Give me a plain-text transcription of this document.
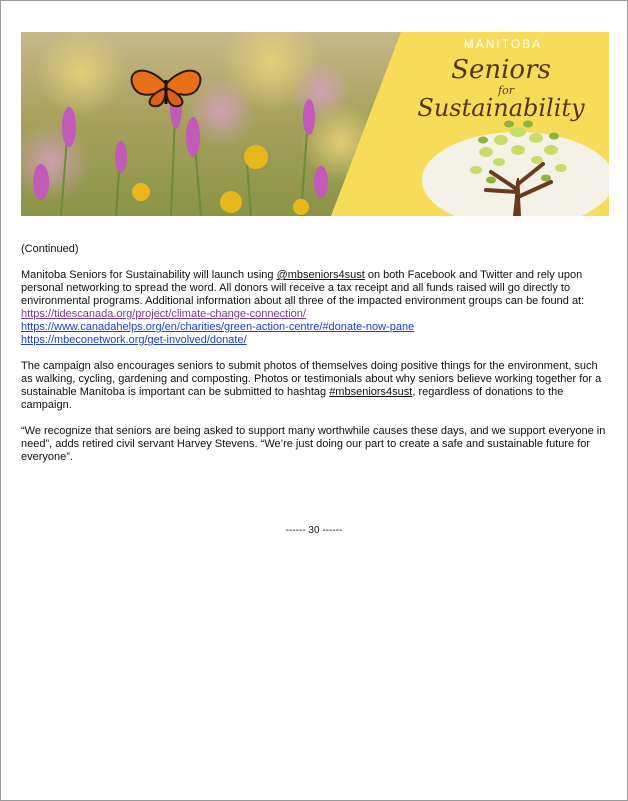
MANITOBA
Seniors
for
Sustainability

(Continued)

Manitoba Seniors for Sustainability will launch using @mbseniors4sust on both Facebook and Twitter and rely upon personal networking to spread the word. All donors will receive a tax receipt and all funds raised will go directly to environmental programs. Additional information about all three of the impacted environment groups can be found at:
https://tidescanada.org/project/climate-change-connection/
https://www.canadahelps.org/en/charities/green-action-centre/#donate-now-pane
https://mbeconetwork.org/get-involved/donate/

The campaign also encourages seniors to submit photos of themselves doing positive things for the environment, such as walking, cycling, gardening and composting. Photos or testimonials about why seniors believe working together for a sustainable Manitoba is important can be submitted to hashtag #mbseniors4sust, regardless of donations to the campaign.

“We recognize that seniors are being asked to support many worthwhile causes these days, and we support everyone in need”, adds retired civil servant Harvey Stevens. “We’re just doing our part to create a safe and sustainable future for everyone”.

------ 30 ------
